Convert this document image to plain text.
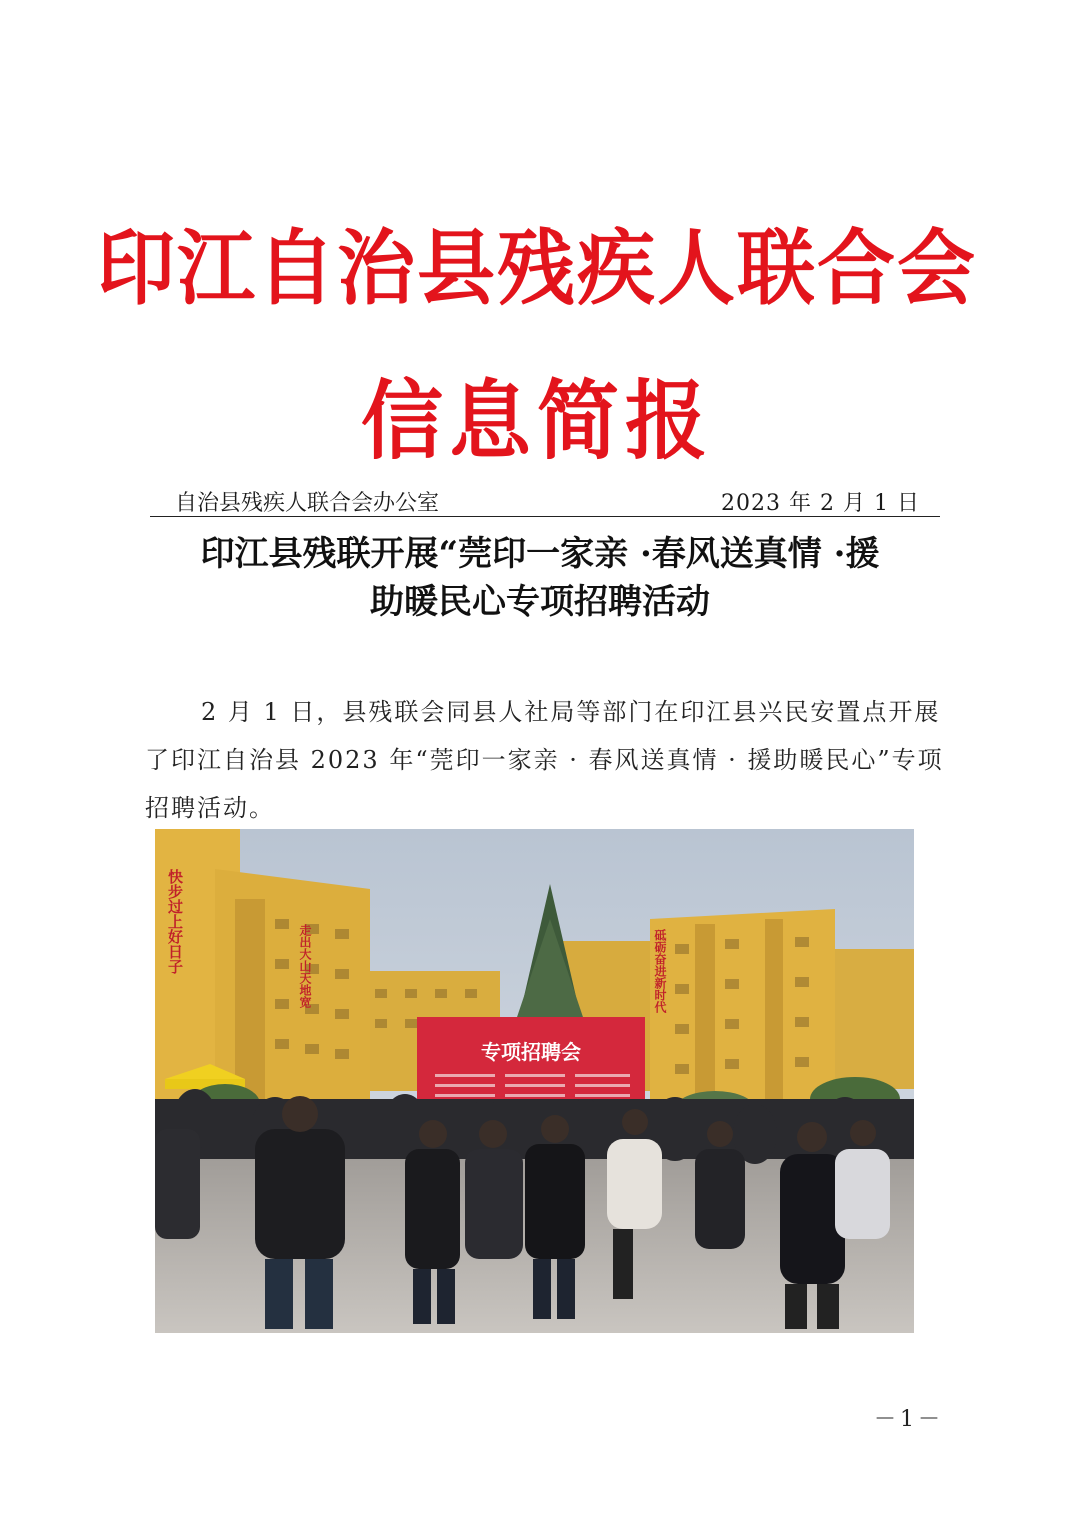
印江自治县残疾人联合会
信息简报
自治县残疾人联合会办公室	2023 年 2 月 1 日
印江县残联开展“莞印一家亲 ·春风送真情 ·援
助暖民心专项招聘活动
2 月 1 日，县残联会同县人社局等部门在印江县兴民安置点开展了印江自治县 2023 年“莞印一家亲 · 春风送真情 · 援助暖民心”专项招聘活动。
快步过上好日子	走出大山天地宽	砥砺奋进新时代
专项招聘会
－1－
